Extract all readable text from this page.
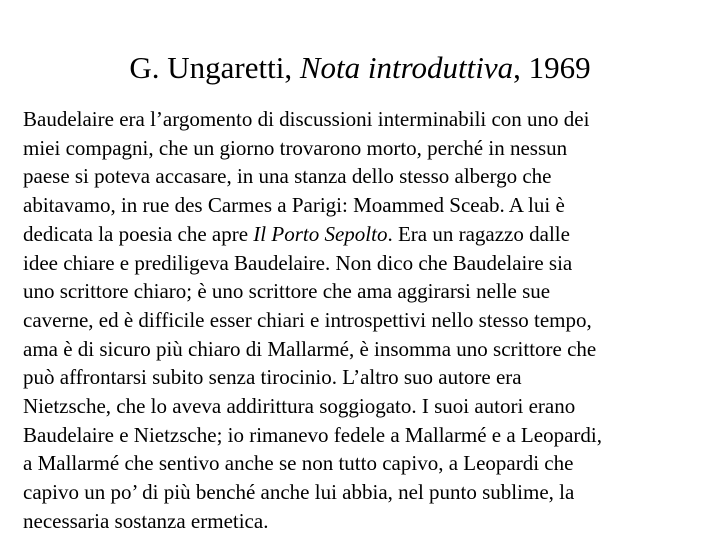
G. Ungaretti, Nota introduttiva, 1969
Baudelaire era l’argomento di discussioni interminabili con uno dei
miei compagni, che un giorno trovarono morto, perché in nessun
paese si poteva accasare, in una stanza dello stesso albergo che
abitavamo, in rue des Carmes a Parigi: Moammed Sceab. A lui è
dedicata la poesia che apre Il Porto Sepolto. Era un ragazzo dalle
idee chiare e prediligeva Baudelaire. Non dico che Baudelaire sia
uno scrittore chiaro; è uno scrittore che ama aggirarsi nelle sue
caverne, ed è difficile esser chiari e introspettivi nello stesso tempo,
ama è di sicuro più chiaro di Mallarmé, è insomma uno scrittore che
può affrontarsi subito senza tirocinio. L’altro suo autore era
Nietzsche, che lo aveva addirittura soggiogato. I suoi autori erano
Baudelaire e Nietzsche; io rimanevo fedele a Mallarmé e a Leopardi,
a Mallarmé che sentivo anche se non tutto capivo, a Leopardi che
capivo un po’ di più benché anche lui abbia, nel punto sublime, la
necessaria sostanza ermetica.
